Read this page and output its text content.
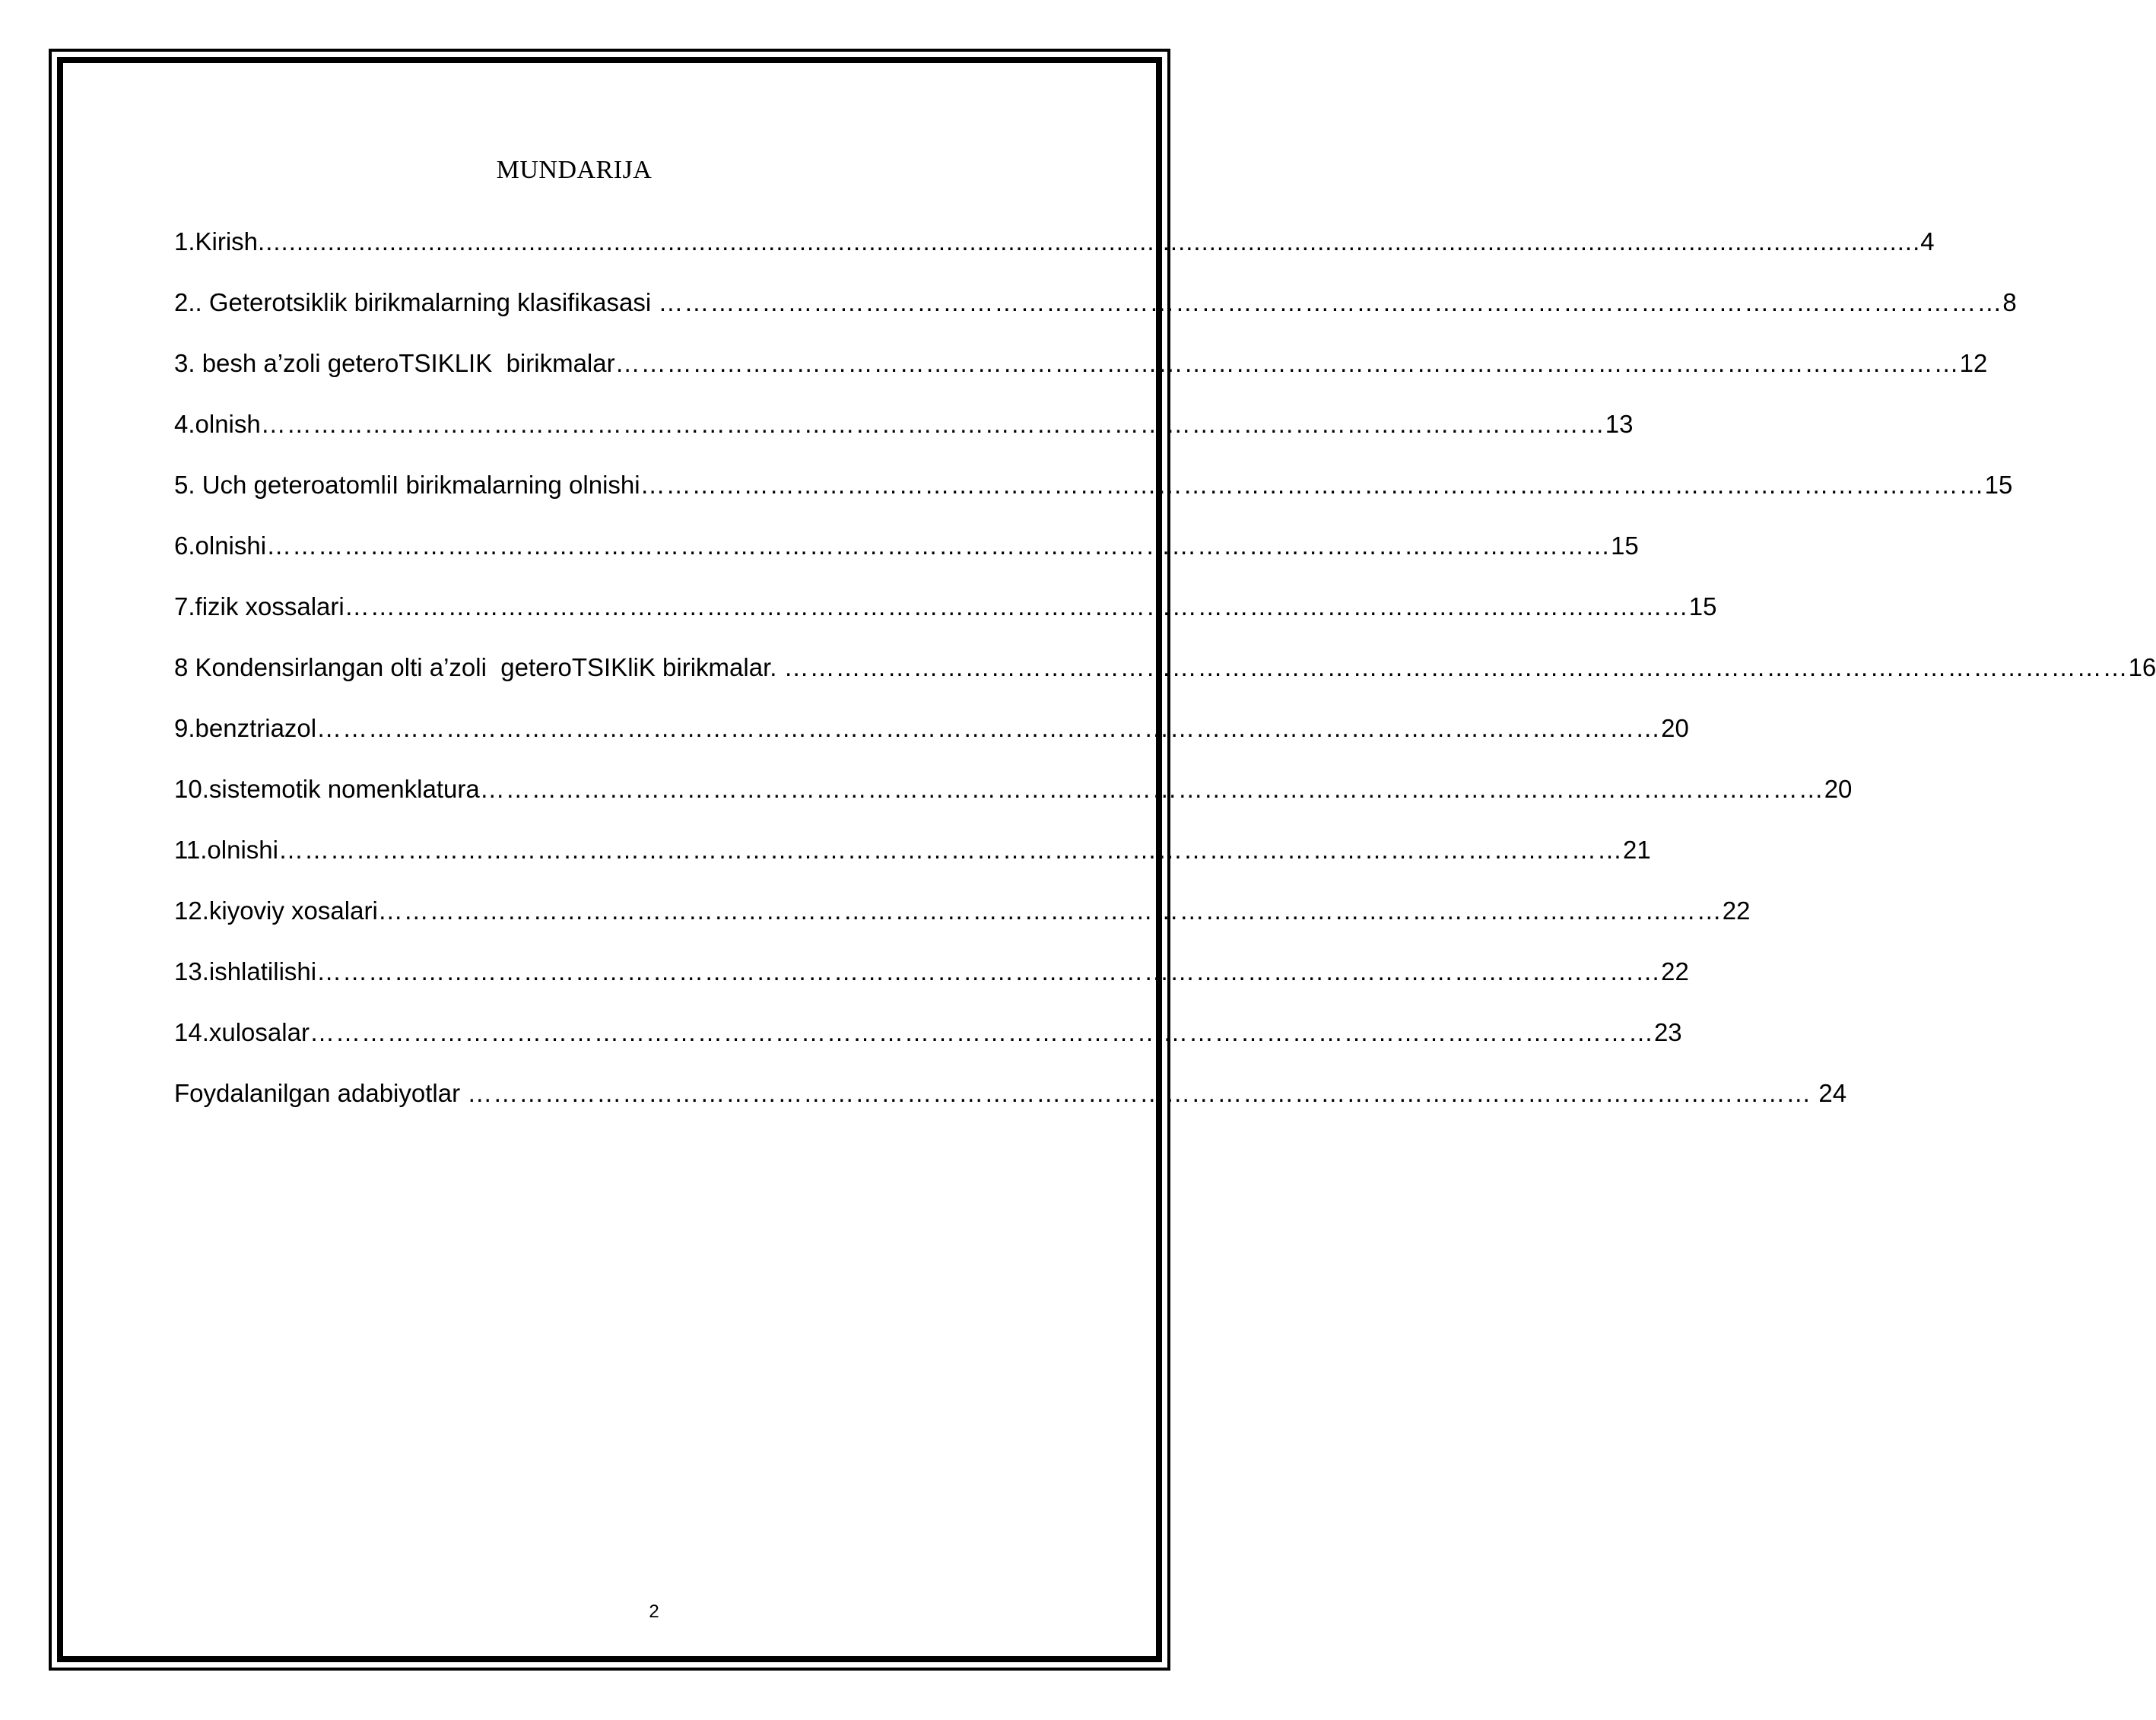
MUNDARIJA
1.Kirish ....................................................................................................................................................................................................................... 4
2.. Geterotsiklik birikmalarning klasifikasasi ………………………………………………………………………………………………………………………………………… 8
3. besh a’zoli geteroTSIKLIK  birikmalar ………………………………………………………………………………………………………………………………………… 12
4.olnish ………………………………………………………………………………………………………………………………………… 13
5. Uch geteroatomliI birikmalarning olnishi ………………………………………………………………………………………………………………………………………… 15
6.olnishi ………………………………………………………………………………………………………………………………………… 15
7.fizik xossalari ………………………………………………………………………………………………………………………………………… 15
8 Kondensirlangan olti a’zoli  geteroTSIKliK birikmalar. ………………………………………………………………………………………………………………………………………… 16
9.benztriazol ………………………………………………………………………………………………………………………………………… 20
10.sistemotik nomenklatura ………………………………………………………………………………………………………………………………………… 20
11.olnishi ………………………………………………………………………………………………………………………………………… 21
12.kiyoviy xosalari ………………………………………………………………………………………………………………………………………… 22
13.ishlatilishi ………………………………………………………………………………………………………………………………………… 22
14.xulosalar ………………………………………………………………………………………………………………………………………… 23
Foydalanilgan adabiyotlar ………………………………………………………………………………………………………………………………………… 24
2
